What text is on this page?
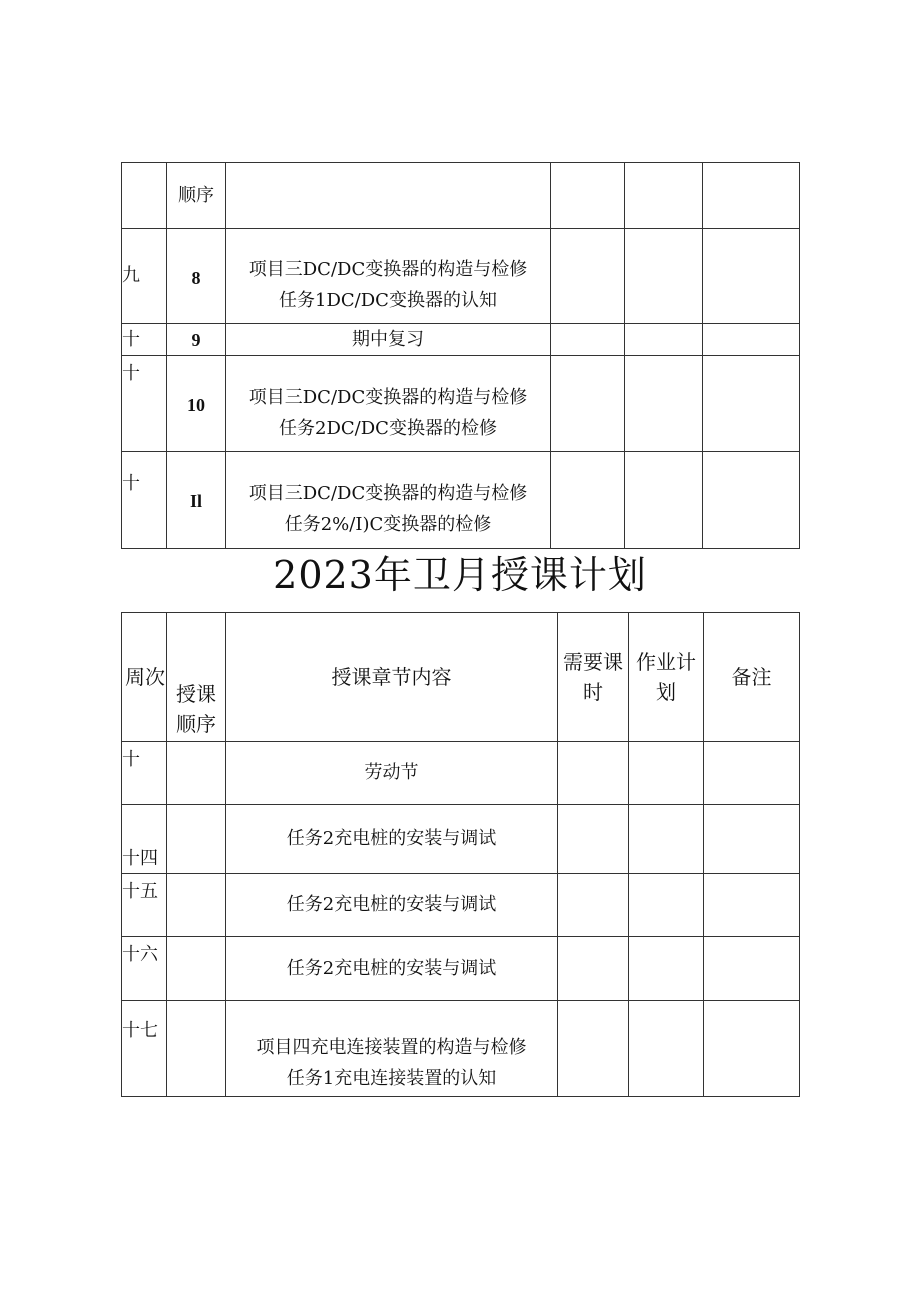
	顺序				
九	8	项目三DC/DC变换器的构造与检修
任务1DC/DC变换器的认知			

十	9	期中复习			
十	10	项目三DC/DC变换器的构造与检修
任务2DC/DC变换器的检修			

十	Il	项目三DC/DC变换器的构造与检修
任务2%/I)C变换器的检修			

2023年卫月授课计划
周次	授课顺序	授课章节内容	需要课时	作业计划	备注
十		劳动节			
十四		任务2充电桩的安装与调试			
十五		任务2充电桩的安装与调试			
十六		任务2充电桩的安装与调试			
十七		项目四充电连接装置的构造与检修
任务1充电连接装置的认知			
